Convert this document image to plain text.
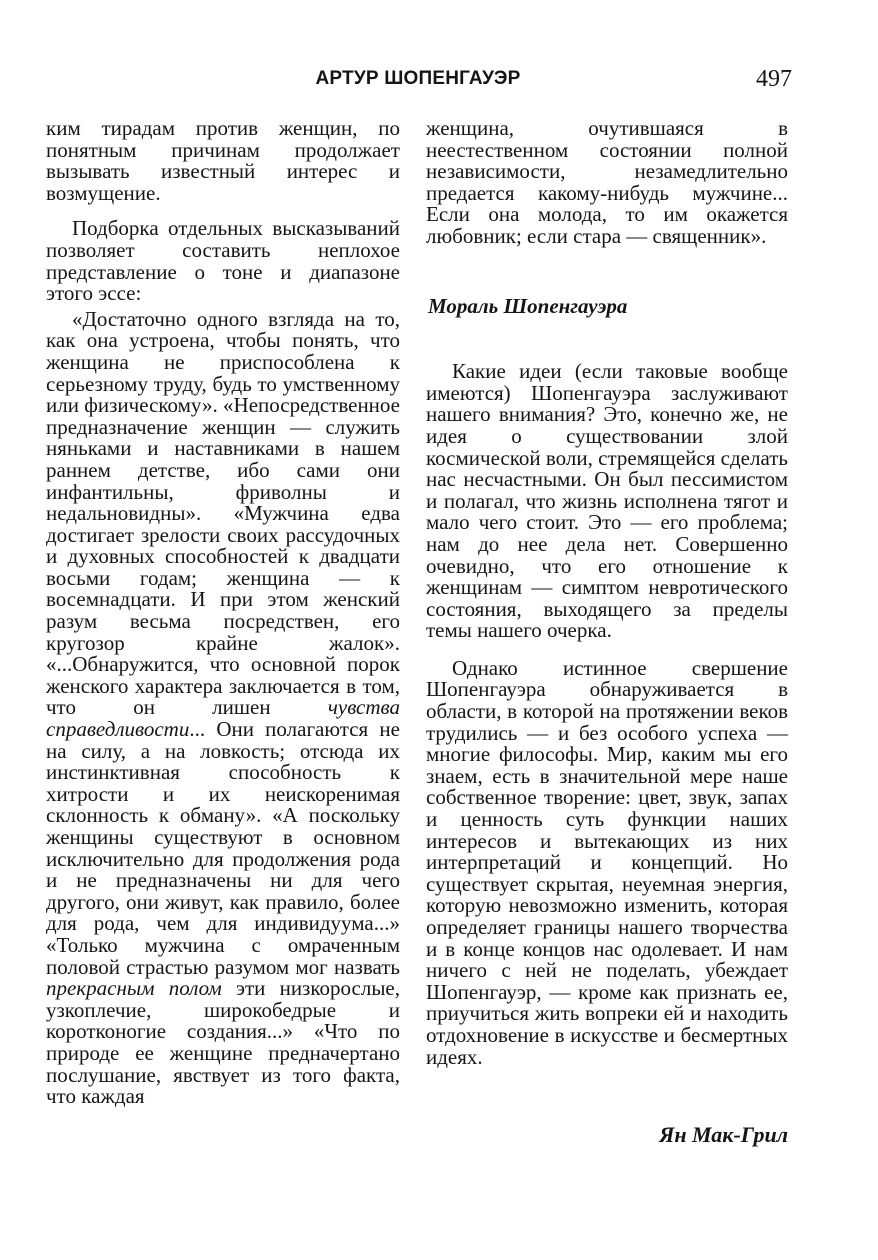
АРТУР ШОПЕНГАУЭР	497

ким тирадам против женщин, по понятным причинам продолжает вызывать известный интерес и возмущение.

Подборка отдельных высказываний позволяет составить неплохое представление о тоне и диапазоне этого эссе:

«Достаточно одного взгляда на то, как она устроена, чтобы понять, что женщина не приспособлена к серьезному труду, будь то умственному или физическому». «Непосредственное предназначение женщин — служить няньками и наставниками в нашем раннем детстве, ибо сами они инфантильны, фриволны и недальновидны». «Мужчина едва достигает зрелости своих рассудочных и духовных способностей к двадцати восьми годам; женщина — к восемнадцати. И при этом женский разум весьма посредствен, его кругозор крайне жалок». «...Обнаружится, что основной порок женского характера заключается в том, что он лишен чувства справедливости... Они полагаются не на силу, а на ловкость; отсюда их инстинктивная способность к хитрости и их неискоренимая склонность к обману». «А поскольку женщины существуют в основном исключительно для продолжения рода и не предназначены ни для чего другого, они живут, как правило, более для рода, чем для индивидуума...» «Только мужчина с омраченным половой страстью разумом мог назвать прекрасным полом эти низкорослые, узкоплечие, широкобедрые и коротконогие создания...» «Что по природе ее женщине предначертано послушание, явствует из того факта, что каждая

женщина, очутившаяся в неестественном состоянии полной независимости, незамедлительно предается какому-нибудь мужчине... Если она молода, то им окажется любовник; если стара — священник».

Мораль Шопенгауэра

Какие идеи (если таковые вообще имеются) Шопенгауэра заслуживают нашего внимания? Это, конечно же, не идея о существовании злой космической воли, стремящейся сделать нас несчастными. Он был пессимистом и полагал, что жизнь исполнена тягот и мало чего стоит. Это — его проблема; нам до нее дела нет. Совершенно очевидно, что его отношение к женщинам — симптом невротического состояния, выходящего за пределы темы нашего очерка.

Однако истинное свершение Шопенгауэра обнаруживается в области, в которой на протяжении веков трудились — и без особого успеха — многие философы. Мир, каким мы его знаем, есть в значительной мере наше собственное творение: цвет, звук, запах и ценность суть функции наших интересов и вытекающих из них интерпретаций и концепций. Но существует скрытая, неуемная энергия, которую невозможно изменить, которая определяет границы нашего творчества и в конце концов нас одолевает. И нам ничего с ней не поделать, убеждает Шопенгауэр, — кроме как признать ее, приучиться жить вопреки ей и находить отдохновение в искусстве и бесмертных идеях.

Ян Мак-Грил
